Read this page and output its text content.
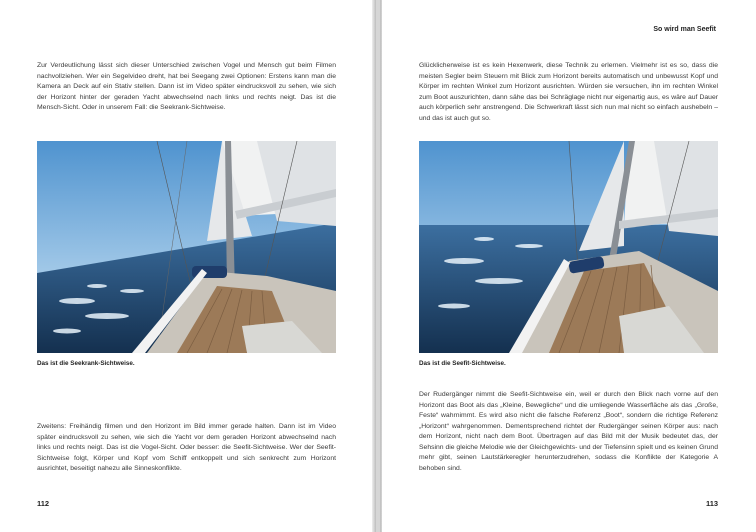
Zur Verdeutlichung lässt sich dieser Unterschied zwischen Vogel und Mensch gut beim Filmen nachvollziehen. Wer ein Segelvideo dreht, hat bei Seegang zwei Optionen: Erstens kann man die Kamera an Deck auf ein Stativ stellen. Dann ist im Video später eindrucksvoll zu sehen, wie sich der Horizont hinter der geraden Yacht abwechselnd nach links und rechts neigt. Das ist die Mensch-Sicht. Oder in unserem Fall: die Seekrank-Sichtweise.

Das ist die Seekrank-Sichtweise.

Zweitens: Freihändig filmen und den Horizont im Bild immer gerade halten. Dann ist im Video später eindrucksvoll zu sehen, wie sich die Yacht vor dem geraden Horizont abwechselnd nach links und rechts neigt. Das ist die Vogel-Sicht. Oder besser: die Seefit-Sichtweise. Wer der Seefit-Sichtweise folgt, Körper und Kopf vom Schiff entkoppelt und sich senkrecht zum Horizont ausrichtet, beseitigt nahezu alle Sinneskonflikte.

112
So wird man Seefit

Glücklicherweise ist es kein Hexenwerk, diese Technik zu erlernen. Vielmehr ist es so, dass die meisten Segler beim Steuern mit Blick zum Horizont bereits automatisch und unbewusst Kopf und Körper im rechten Winkel zum Horizont ausrichten. Würden sie versuchen, ihn im rechten Winkel zum Boot auszurichten, dann sähe das bei Schräglage nicht nur eigenartig aus, es wäre auf Dauer auch körperlich sehr anstrengend. Die Schwerkraft lässt sich nun mal nicht so einfach aushebeln – und das ist auch gut so.

Das ist die Seefit-Sichtweise.

Der Rudergänger nimmt die Seefit-Sichtweise ein, weil er durch den Blick nach vorne auf den Horizont das Boot als das „Kleine, Bewegliche“ und die umliegende Wasserfläche als das „Große, Feste“ wahrnimmt. Es wird also nicht die falsche Referenz „Boot“, sondern die richtige Referenz „Horizont“ wahrgenommen. Dementsprechend richtet der Rudergänger seinen Körper aus: nach dem Horizont, nicht nach dem Boot. Übertragen auf das Bild mit der Musik bedeutet das, der Sehsinn die gleiche Melodie wie der Gleichgewichts- und der Tiefensinn spielt und es keinen Grund mehr gibt, seinen Lautstärkeregler herunterzudrehen, sodass die Konflikte der Kategorie A behoben sind.

113
